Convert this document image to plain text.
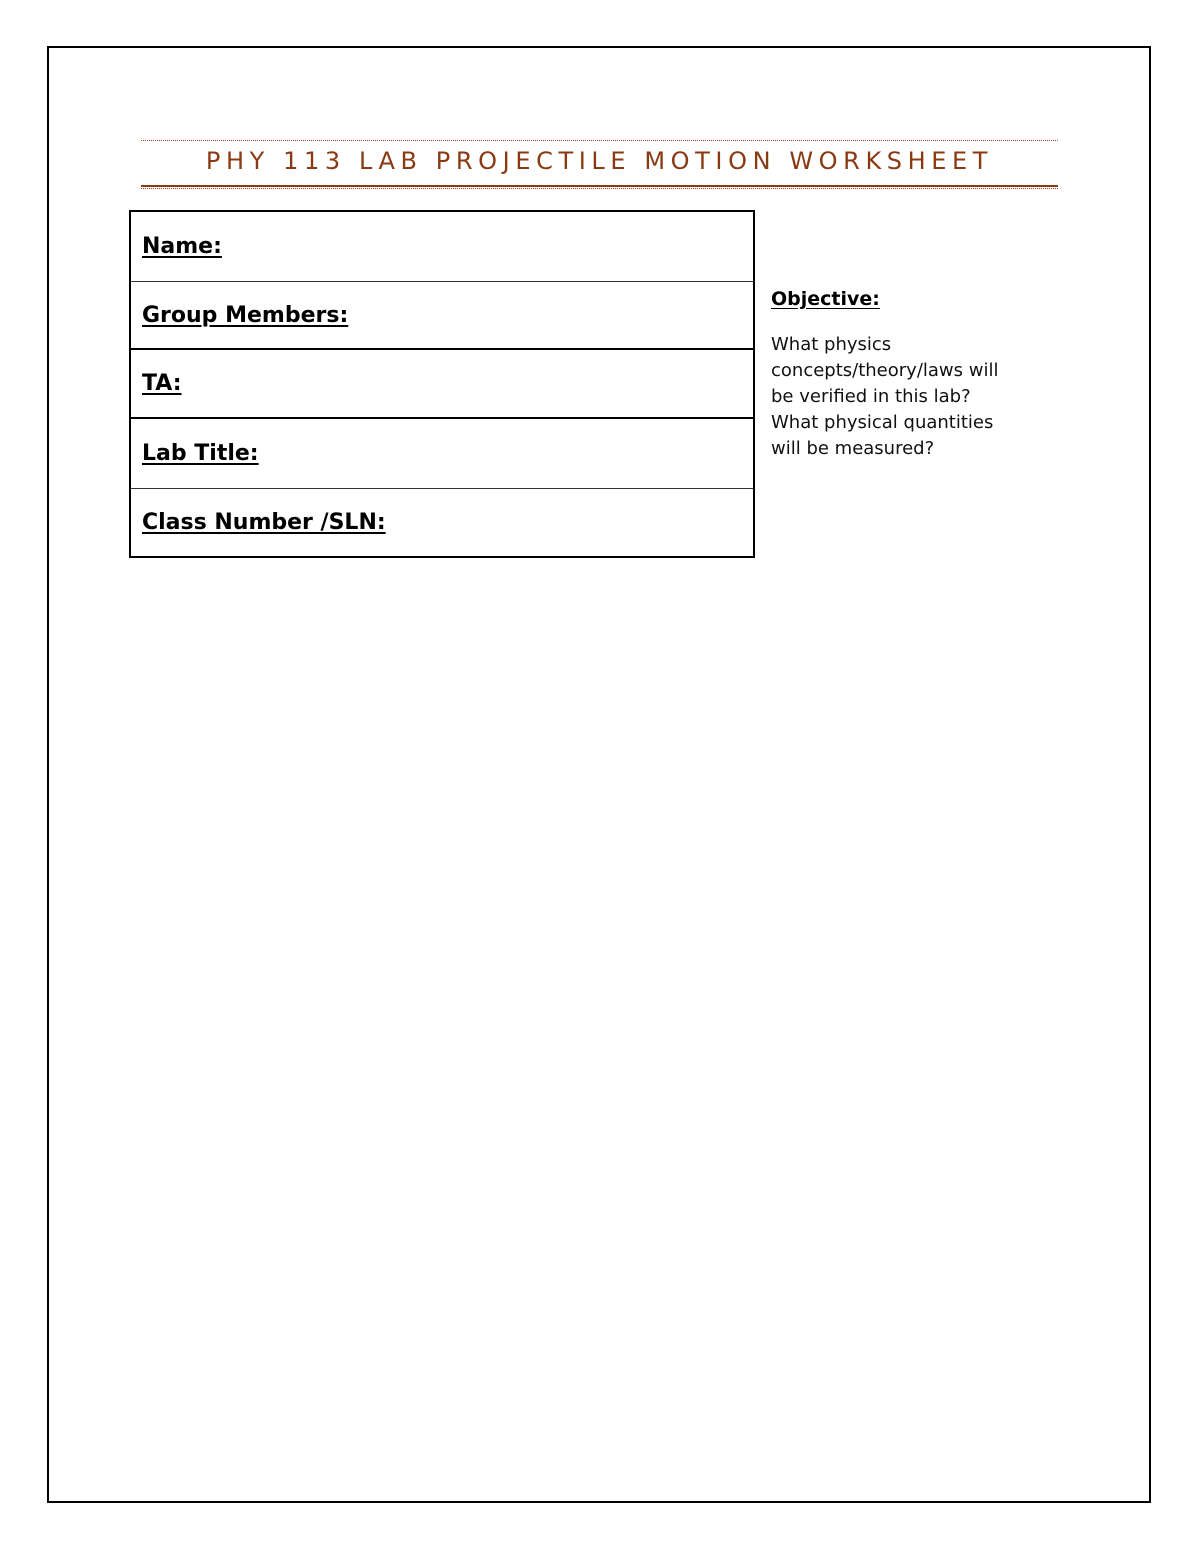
PHY 113 LAB PROJECTILE MOTION WORKSHEET
Name:
Group Members:
TA:
Lab Title:
Class Number /SLN:
Objective:

What physics
concepts/theory/laws will
be verified in this lab?
What physical quantities
will be measured?
